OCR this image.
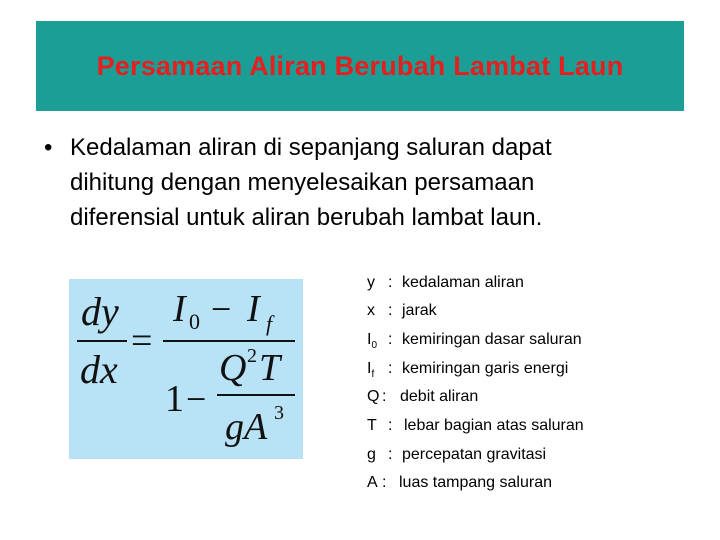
Persamaan Aliran Berubah Lambat Laun
• Kedalaman aliran di sepanjang saluran dapat
dihitung dengan menyelesaikan persamaan
diferensial untuk aliran berubah lambat laun.
dy
dx
=
I 0 − I f
1 −
Q 2 T
gA 3
y : kedalaman aliran
x : jarak
$I_0$ : kemiringan dasar saluran
$I_f$ : kemiringan garis energi
Q : debit aliran
T : lebar bagian atas saluran
g : percepatan gravitasi
A : luas tampang saluran
